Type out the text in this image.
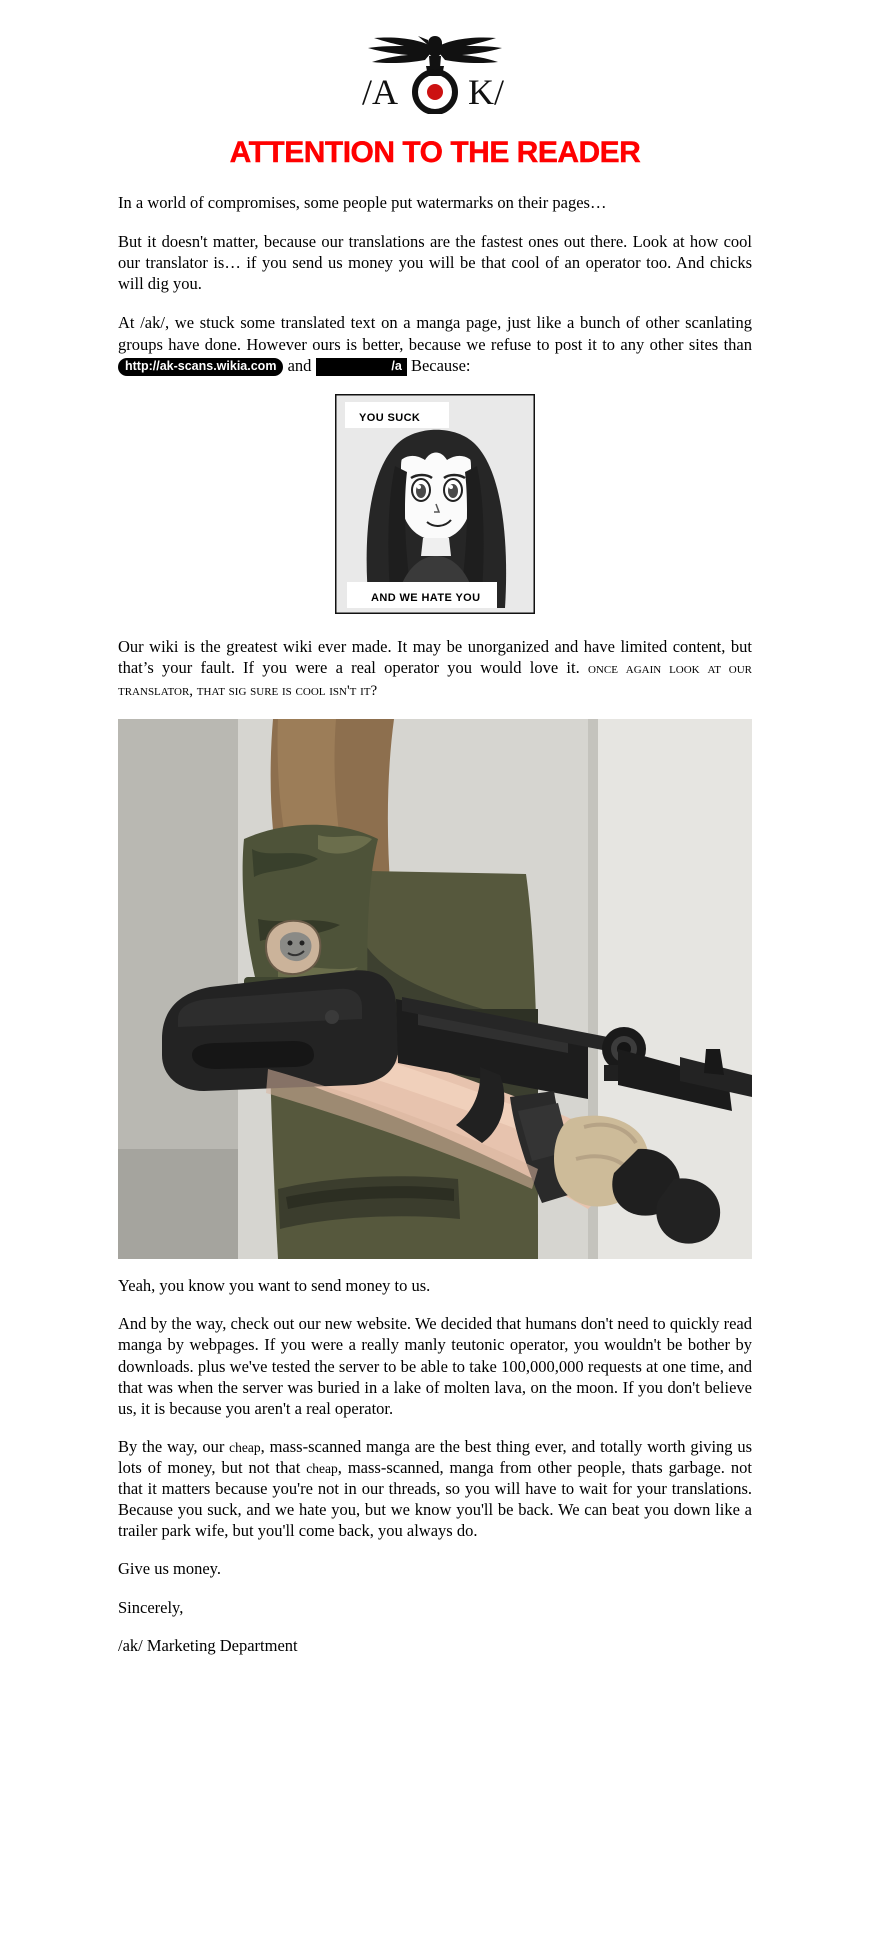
/A K/
ATTENTION TO THE READER

In a world of compromises, some people put watermarks on their pages…

But it doesn't matter, because our translations are the fastest ones out there. Look at how cool our translator is… if you send us money you will be that cool of an operator too. And chicks will dig you.

At /ak/, we stuck some translated text on a manga page, just like a bunch of other scanlating groups have done. However ours is better, because we refuse to post it to any other sites than http://ak-scans.wikia.com and ████████/a Because:

YOU SUCK
AND WE HATE YOU

Our wiki is the greatest wiki ever made. It may be unorganized and have limited content, but that’s your fault. If you were a real operator you would love it. once again look at our translator, that sig sure is cool isn't it?

Yeah, you know you want to send money to us.

And by the way, check out our new website. We decided that humans don't need to quickly read manga by webpages. If you were a really manly teutonic operator, you wouldn't be bother by downloads. plus we've tested the server to be able to take 100,000,000 requests at one time, and that was when the server was buried in a lake of molten lava, on the moon. If you don't believe us, it is because you aren't a real operator.

By the way, our cheap, mass-scanned manga are the best thing ever, and totally worth giving us lots of money, but not that cheap, mass-scanned, manga from other people, thats garbage. not that it matters because you're not in our threads, so you will have to wait for your translations. Because you suck, and we hate you, but we know you'll be back. We can beat you down like a trailer park wife, but you'll come back, you always do.

Give us money.

Sincerely,

/ak/ Marketing Department
